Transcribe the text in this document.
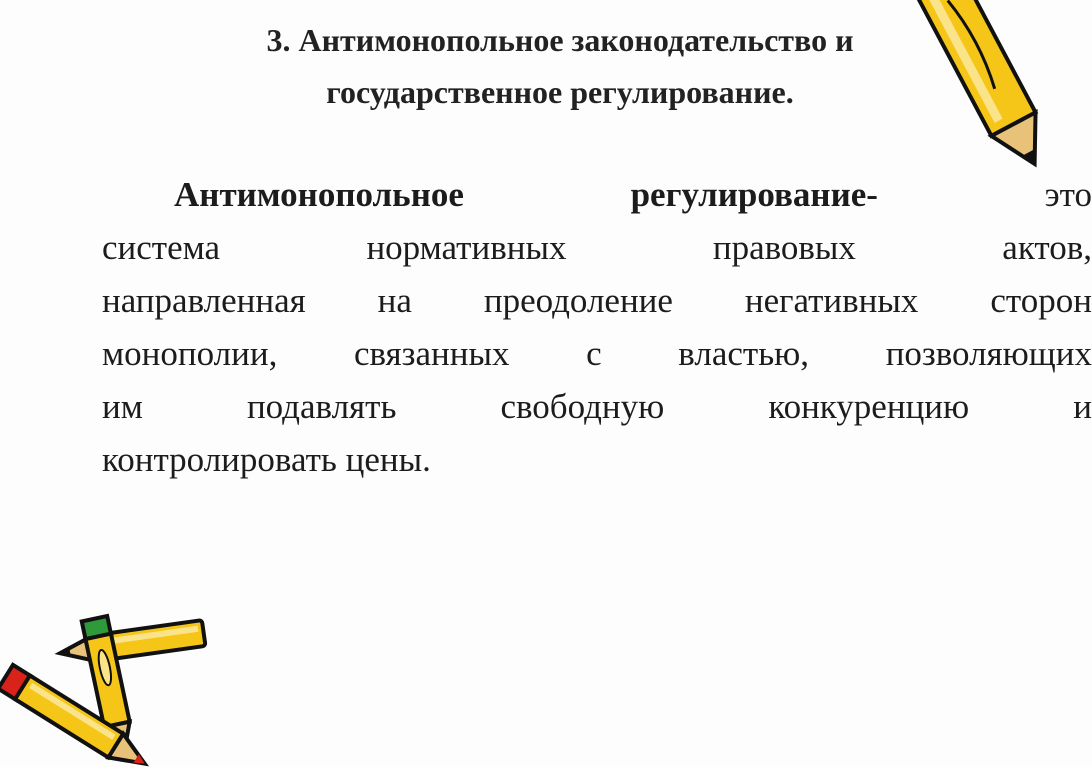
3. Антимонопольное законодательство и
государственное регулирование.
Антимонопольное	регулирование-	это
система	нормативных	правовых	актов,
направленная на преодоление негативных сторон
монополии, связанных с властью, позволяющих
им	подавлять	свободную	конкуренцию	и
контролировать цены.
